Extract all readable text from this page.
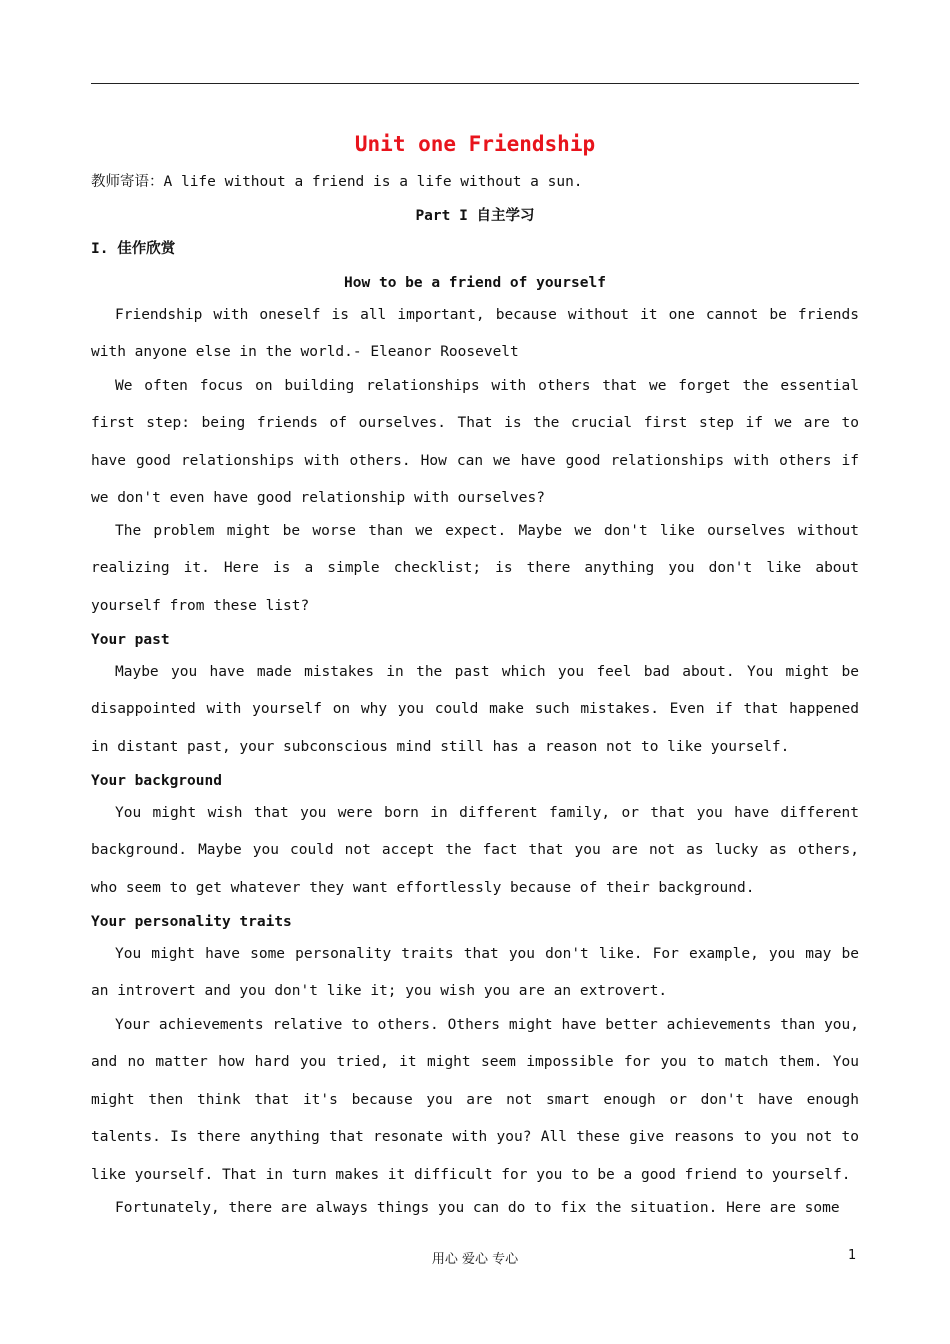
Unit one Friendship
教师寄语：A life without a friend is a life without a sun.
Part I 自主学习
I. 佳作欣赏
How to be a friend of yourself

Friendship with oneself is all important, because without it one cannot be friends with anyone else in the world.- Eleanor Roosevelt

We often focus on building relationships with others that we forget the essential first step: being friends of ourselves. That is the crucial first step if we are to have good relationships with others. How can we have good relationships with others if we don't even have good relationship with ourselves?

The problem might be worse than we expect. Maybe we don't like ourselves without realizing it. Here is a simple checklist; is there anything you don't like about yourself from these list?

Your past

Maybe you have made mistakes in the past which you feel bad about. You might be disappointed with yourself on why you could make such mistakes. Even if that happened in distant past, your subconscious mind still has a reason not to like yourself.

Your background

You might wish that you were born in different family, or that you have different background. Maybe you could not accept the fact that you are not as lucky as others, who seem to get whatever they want effortlessly because of their background.

Your personality traits

You might have some personality traits that you don't like. For example, you may be an introvert and you don't like it; you wish you are an extrovert.

Your achievements relative to others. Others might have better achievements than you, and no matter how hard you tried, it might seem impossible for you to match them. You might then think that it's because you are not smart enough or don't have enough talents. Is there anything that resonate with you? All these give reasons to you not to like yourself. That in turn makes it difficult for you to be a good friend to yourself.

Fortunately, there are always things you can do to fix the situation. Here are some

用心 爱心 专心	1
